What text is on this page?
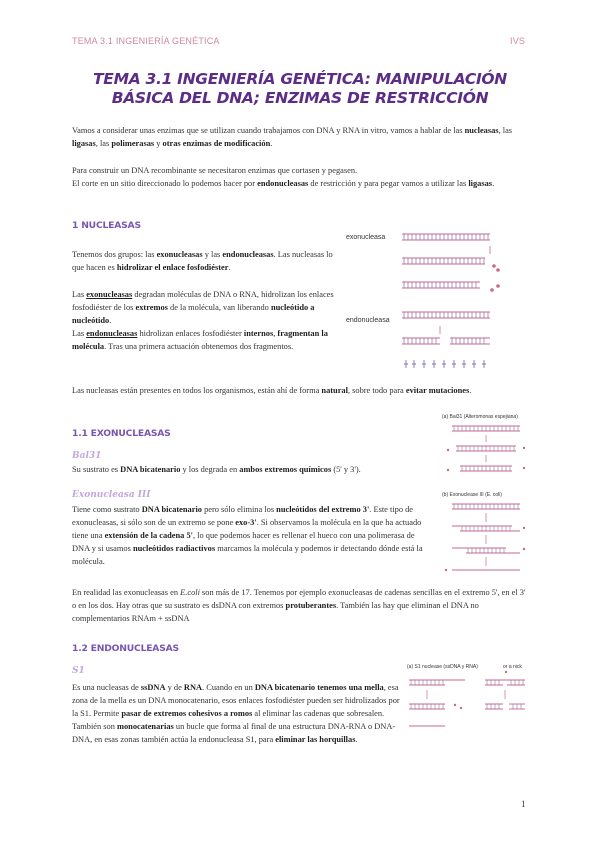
TEMA 3.1 INGENIERÍA GENÉTICA	IVS
TEMA 3.1 INGENIERÍA GENÉTICA: MANIPULACIÓN
BÁSICA DEL DNA; ENZIMAS DE RESTRICCIÓN
Vamos a considerar unas enzimas que se utilizan cuando trabajamos con DNA y RNA in vitro, vamos a hablar de las nucleasas, las ligasas, las polimerasas y otras enzimas de modificación.
Para construir un DNA recombinante se necesitaron enzimas que cortasen y pegasen.
El corte en un sitio direccionado lo podemos hacer por endonucleasas de restricción y para pegar vamos a utilizar las ligasas.
1 NUCLEASAS
Tenemos dos grupos: las exonucleasas y las endonucleasas. Las nucleasas lo que hacen es hidrolizar el enlace fosfodiéster.
Las exonucleasas degradan moléculas de DNA o RNA, hidrolizan los enlaces fosfodiéster de los extremos de la molécula, van liberando nucleótido a nucleótido.
Las endonucleasas hidrolizan enlaces fosfodiéster internos, fragmentan la molécula. Tras una primera actuación obtenemos dos fragmentos.
Las nucleasas están presentes en todos los organismos, están ahí de forma natural, sobre todo para evitar mutaciones.
exonucleasa
endonucleasa
1.1 EXONUCLEASAS
Bal31
Su sustrato es DNA bicatenario y los degrada en ambos extremos químicos (5' y 3').
Exonucleasa III
Tiene como sustrato DNA bicatenario pero sólo elimina los nucleótidos del extremo 3'. Este tipo de exonucleasas, si sólo son de un extremo se pone exo-3'. Si observamos la molécula en la que ha actuado tiene una extensión de la cadena 5', lo que podemos hacer es rellenar el hueco con una polimerasa de DNA y si usamos nucleótidos radiactivos marcamos la molécula y podemos ir detectando dónde está la molécula.
En realidad las exonucleasas en E.coli son más de 17. Tenemos por ejemplo exonucleasas de cadenas sencillas en el extremo 5', en el 3' o en los dos. Hay otras que su sustrato es dsDNA con extremos protuberantes. También las hay que eliminan el DNA no complementarios RNAm + ssDNA
(a) Bal31 (Alteromonas espejiana)
(b) Exonuclease III (E. coli)
1.2 ENDONUCLEASAS
S1
Es una nucleasas de ssDNA y de RNA. Cuando en un DNA bicatenario tenemos una mella, esa zona de la mella es un DNA monocatenario, esos enlaces fosfodiéster pueden ser hidrolizados por la S1. Permite pasar de extremos cohesivos a romos al eliminar las cadenas que sobresalen. También son monocatenarias un bucle que forma al final de una estructura DNA-RNA o DNA-DNA, en esas zonas también actúa la endonucleasa S1, para eliminar las horquillas.
(a) S1 nuclease (ssDNA y RNA)	or a nick
1
